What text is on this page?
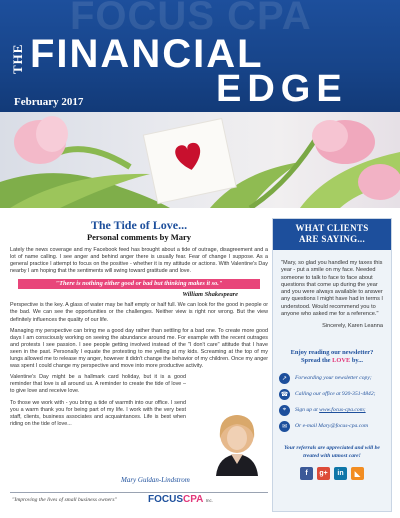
FOCUS CPA
THE FINANCIAL
EDGE
February 2017
The Tide of Love...
Personal comments by Mary

Lately the news coverage and my Facebook feed has brought about a tide of outrage, disagreement and a lot of name calling. I see anger and behind anger there is usually fear. Fear of change I suppose. As a general practice I attempt to focus on the positive - whether it is my attitude or actions. With Valentine's Day nearby I am hoping that the sentiments will swing toward gratitude and love.

"There is nothing either good or bad but thinking makes it so."
William Shakespeare

Perspective is the key. A glass of water may be half empty or half full. We can look for the good in people or the bad. We can see the opportunities or the challenges. Neither view is right nor wrong. But the view definitely influences the quality of our life.

Managing my perspective can bring me a good day rather than settling for a bad one. To create more good days I am consciously working on seeing the abundance around me. For example with the recent outrages and protests I see passion. I see people getting involved instead of the "I don't care" attitude that I have seen in the past. Personally I equate the protesting to me yelling at my kids. Screaming at the top of my lungs allowed me to release my anger, however it didn't change the behavior of my children. Once my anger was spent I could change my perspective and move into more productive activity.

Valentine's Day might be a hallmark card holiday, but it is a good reminder that love is all around us. A reminder to create the tide of love – to give love and receive love.

To those we work with - you bring a tide of warmth into our office. I send you a warm thank you for being part of my life. I work with the very best staff, clients, business associates and acquaintances. Life is best when riding on the tide of love...

Mary Guldan-Lindstrom
"Improving the lives of small business owners"	FOCUSCPA Inc.
WHAT CLIENTS
ARE SAYING...
"Mary, so glad you handled my taxes this year - put a smile on my face. Needed someone to talk to face to face about questions that come up during the year and you were always available to answer any questions I might have had in terms I understood. Would recommend you to anyone who asked me for a reference."
Sincerely, Karen Leanna
Enjoy reading our newsletter?
Spread the LOVE by...
↗	Forwarding your newsletter copy;
☎	Calling our office at 920-351-4842;
⌖	Sign up at www.focus-cpa.com;
✉	Or e-mail Mary@focus-cpa.com
Your referrals are appreciated and will be treated with utmost care!
f	g+	in	◣
